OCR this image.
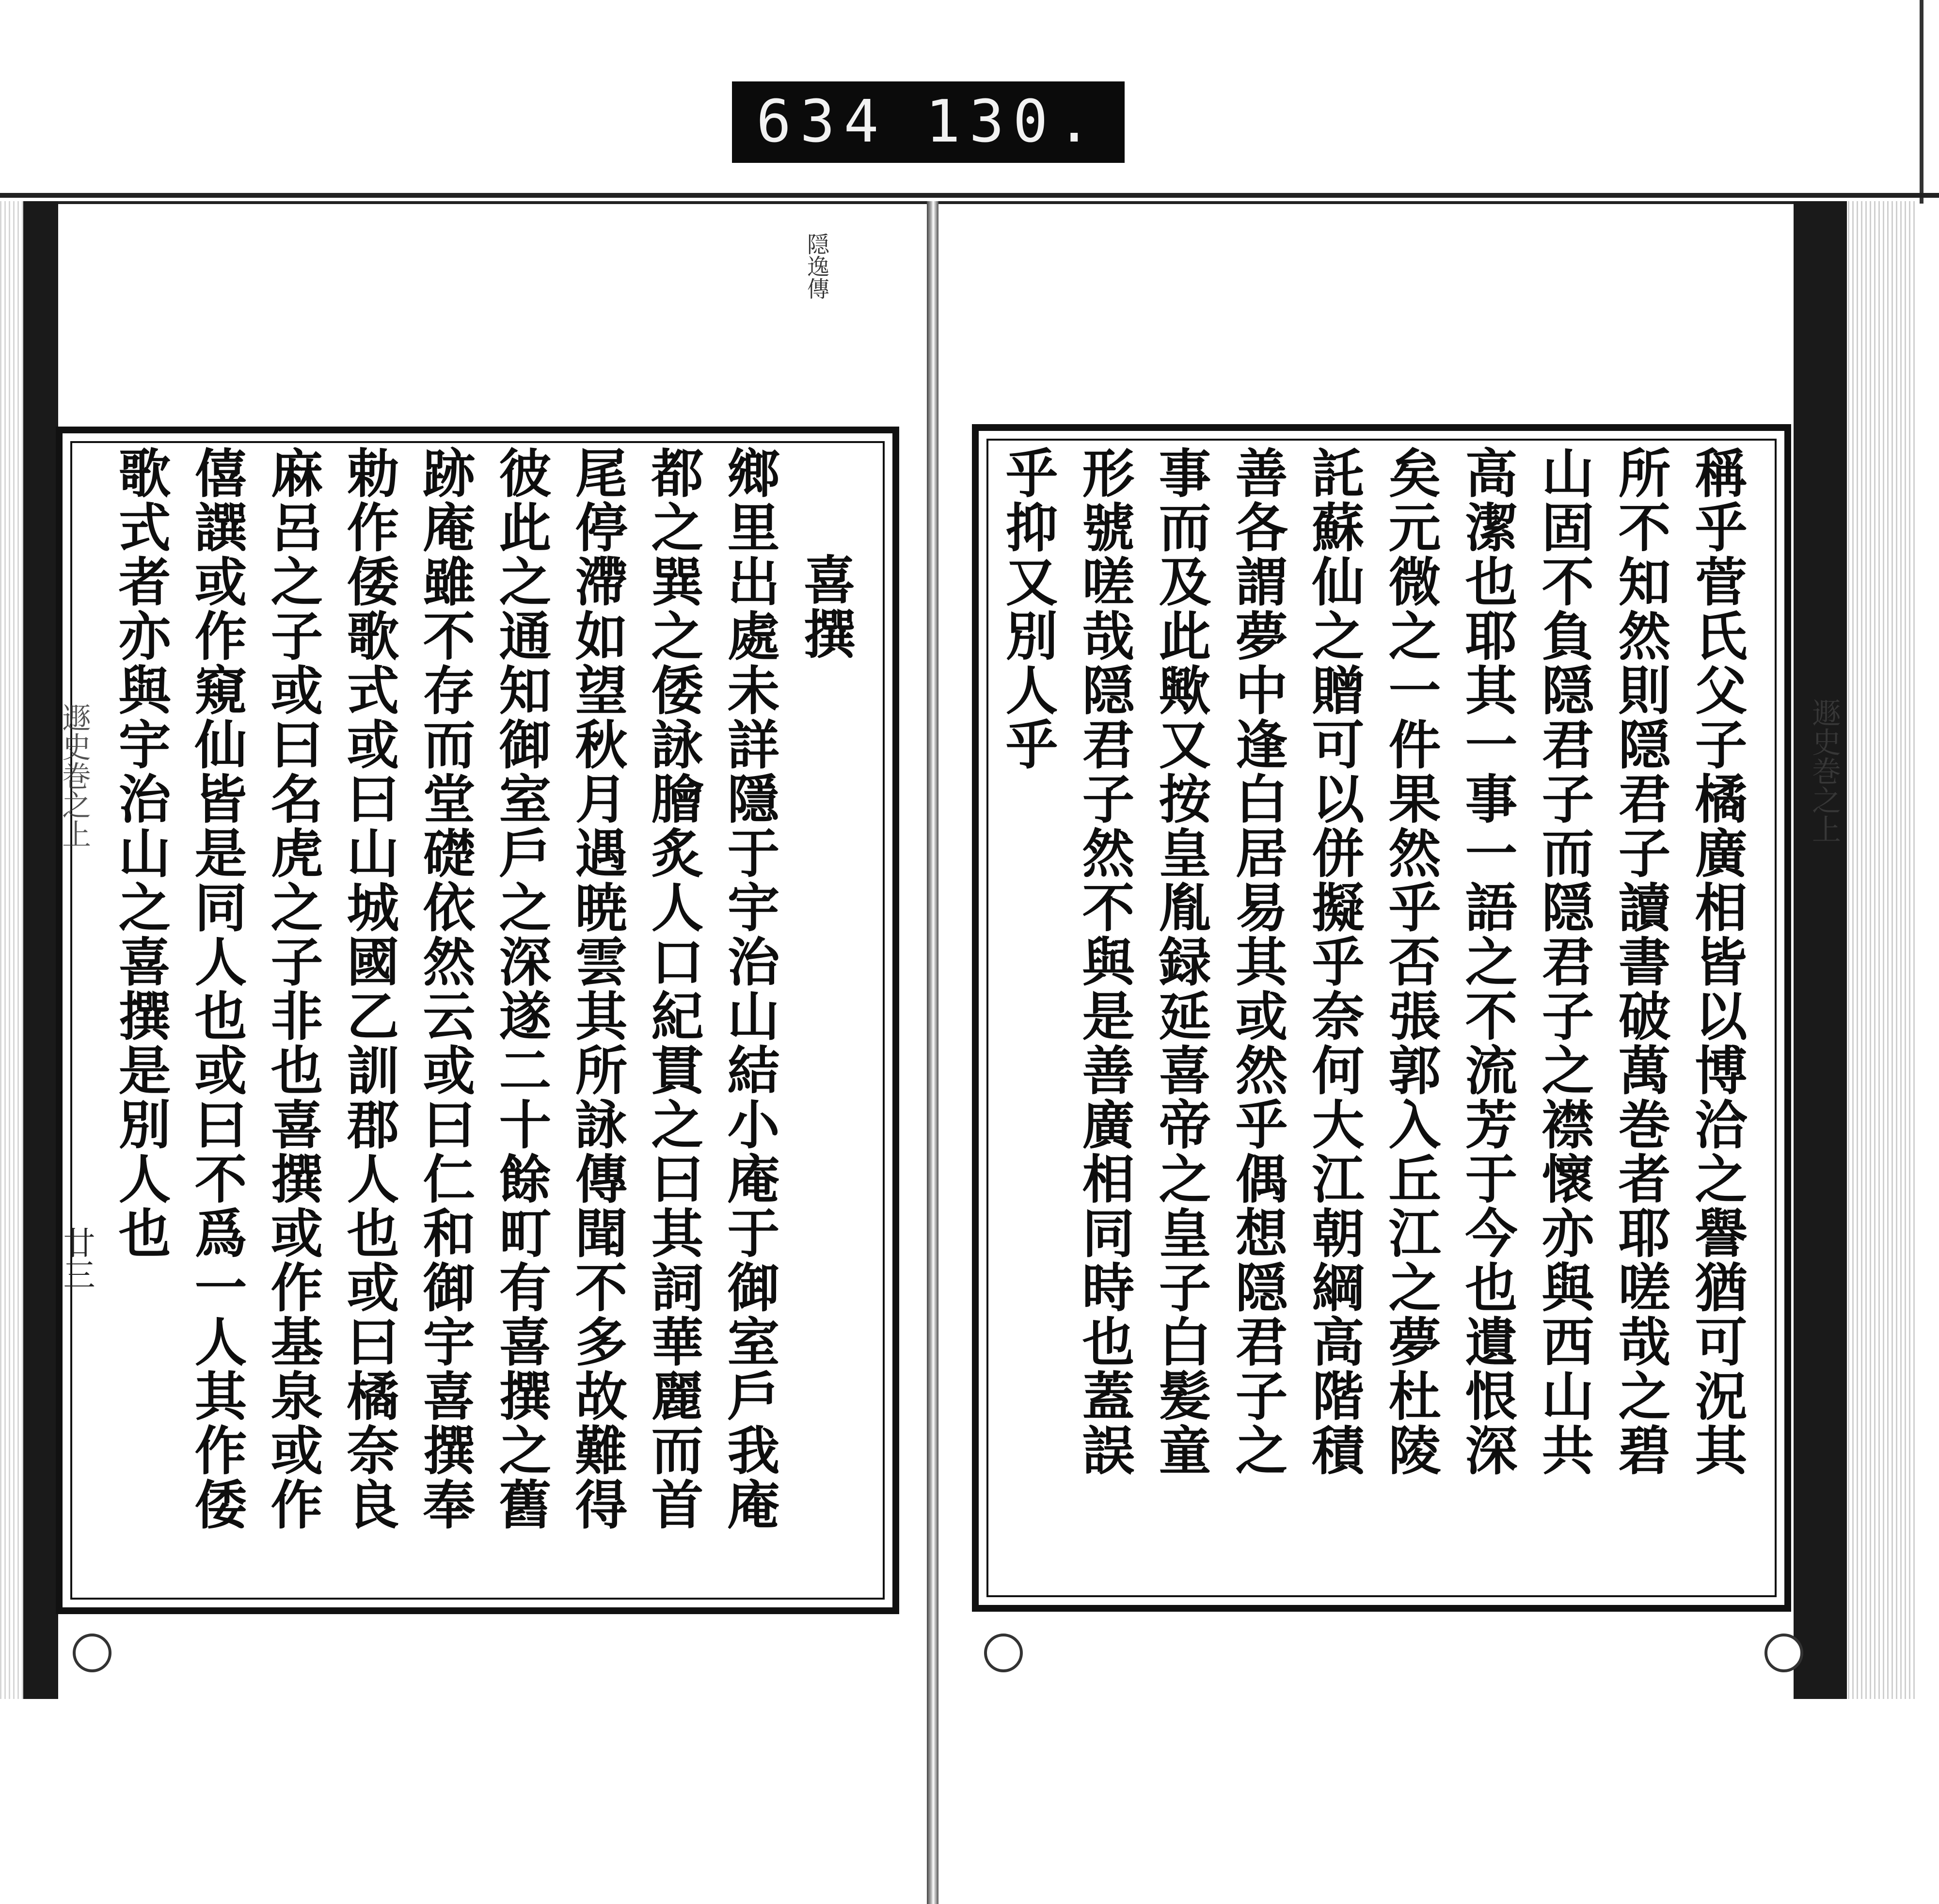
634 130.
隠逸傳
遯史巻之上
廿三
遯史巻之上
稱乎菅氏父子橘廣相皆以博洽之譽猶可況其
所不知然則隠君子讀書破萬巻者耶嗟哉之碧
山固不負隠君子而隠君子之襟懷亦與西山共
高潔也耶其一事一語之不流芳于今也遺恨深
矣元微之一件果然乎否張郭入丘江之夢杜陵
託蘇仙之贈可以併擬乎奈何大江朝綱高階積
善各謂夢中逢白居易其或然乎偶想隠君子之
事而及此歟又按皇胤録延喜帝之皇子白髪童
形號嗟哉隠君子然不與是善廣相同時也蓋誤
乎抑又別人乎
喜撰
鄉里出處未詳隱于宇治山結小庵于御室戶我庵
都之巽之倭詠膾炙人口紀貫之曰其詞華麗而首
尾停滯如望秋月遇暁雲其所詠傳聞不多故難得
彼此之通知御室戶之深遂二十餘町有喜撰之舊
跡庵雖不存而堂礎依然云或曰仁和御宇喜撰奉
勅作倭歌式或曰山城國乙訓郡人也或曰橘奈良
麻呂之子或曰名虎之子非也喜撰或作基泉或作
僖譔或作窺仙皆是同人也或曰不爲一人其作倭
歌式者亦與宇治山之喜撰是別人也
